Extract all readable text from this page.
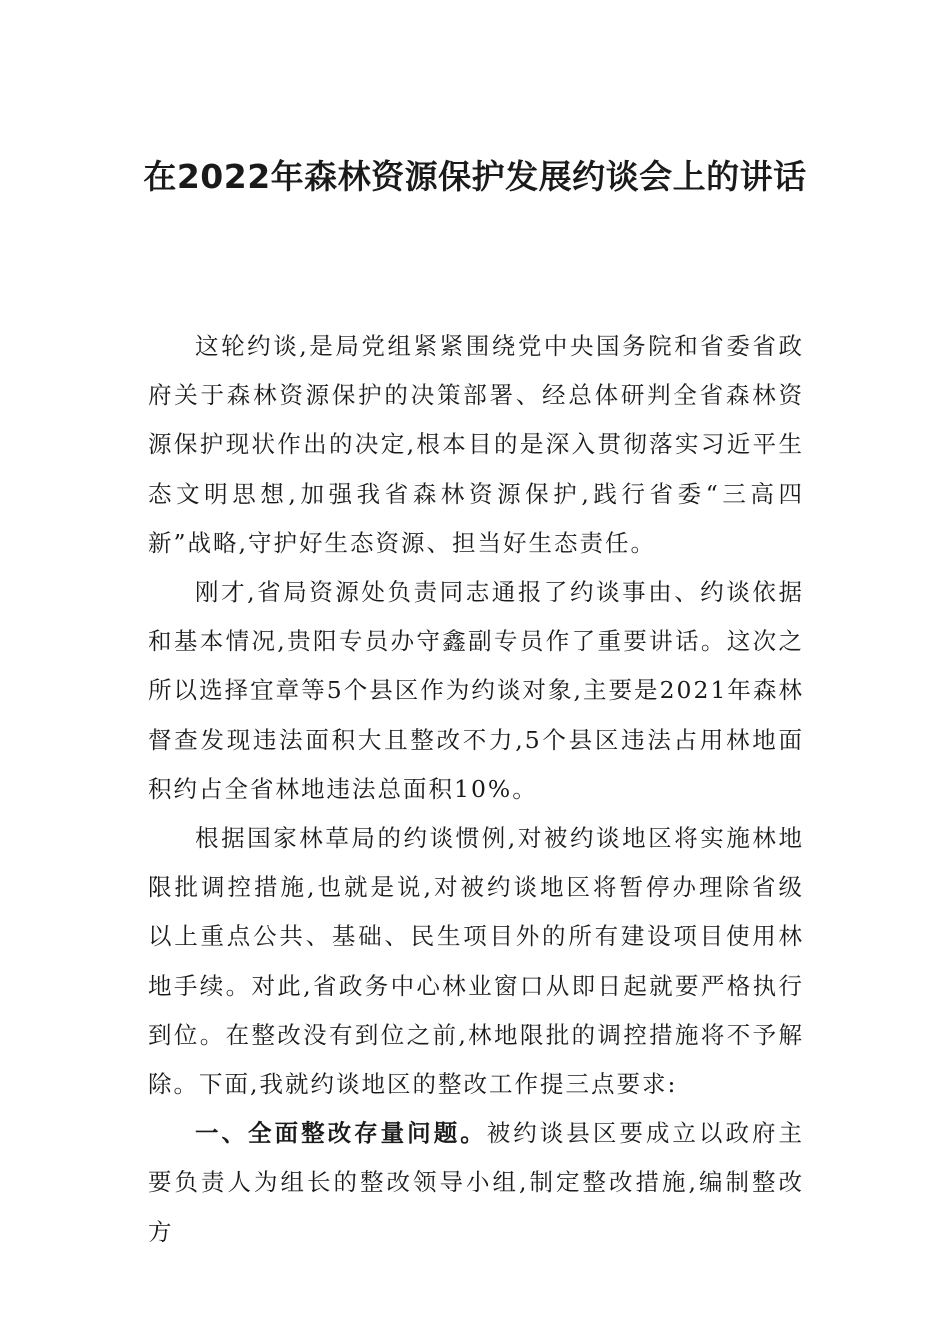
在2022年森林资源保护发展约谈会上的讲话

这轮约谈,是局党组紧紧围绕党中央国务院和省委省政府关于森林资源保护的决策部署、经总体研判全省森林资源保护现状作出的决定,根本目的是深入贯彻落实习近平生态文明思想,加强我省森林资源保护,践行省委“三高四新”战略,守护好生态资源、担当好生态责任。

刚才,省局资源处负责同志通报了约谈事由、约谈依据和基本情况,贵阳专员办守鑫副专员作了重要讲话。这次之所以选择宜章等5个县区作为约谈对象,主要是2021年森林督查发现违法面积大且整改不力,5个县区违法占用林地面积约占全省林地违法总面积10%。

根据国家林草局的约谈惯例,对被约谈地区将实施林地限批调控措施,也就是说,对被约谈地区将暂停办理除省级以上重点公共、基础、民生项目外的所有建设项目使用林地手续。对此,省政务中心林业窗口从即日起就要严格执行到位。在整改没有到位之前,林地限批的调控措施将不予解除。下面,我就约谈地区的整改工作提三点要求:

一、全面整改存量问题。被约谈县区要成立以政府主要负责人为组长的整改领导小组,制定整改措施,编制整改方
